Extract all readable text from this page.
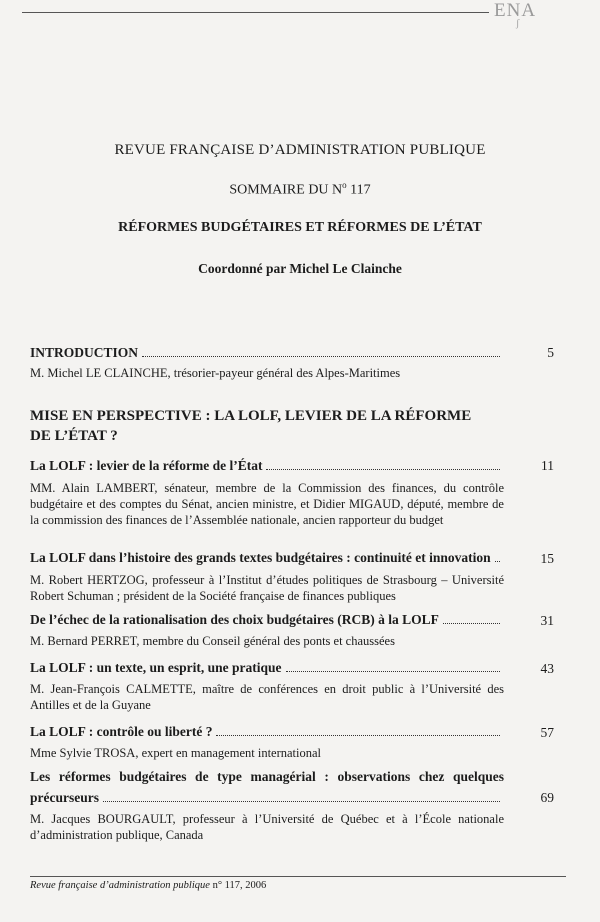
ENA
ʃ
REVUE FRANÇAISE D’ADMINISTRATION PUBLIQUE
SOMMAIRE DU $N^o$ 117
RÉFORMES BUDGÉTAIRES ET RÉFORMES DE L’ÉTAT
Coordonné par Michel Le Clainche
INTRODUCTION	5
M. Michel LE CLAINCHE, trésorier-payeur général des Alpes-Maritimes
MISE EN PERSPECTIVE : LA LOLF, LEVIER DE LA RÉFORME
DE L’ÉTAT ?
La LOLF : levier de la réforme de l’État	11
MM. Alain LAMBERT, sénateur, membre de la Commission des finances, du contrôle budgétaire et des comptes du Sénat, ancien ministre, et Didier MIGAUD, député, membre de la commission des finances de l’Assemblée nationale, ancien rapporteur du budget
La LOLF dans l’histoire des grands textes budgétaires : continuité et innovation	15
M. Robert HERTZOG, professeur à l’Institut d’études politiques de Strasbourg – Université Robert Schuman ; président de la Société française de finances publiques
De l’échec de la rationalisation des choix budgétaires (RCB) à la LOLF	31
M. Bernard PERRET, membre du Conseil général des ponts et chaussées
La LOLF : un texte, un esprit, une pratique	43
M. Jean-François CALMETTE, maître de conférences en droit public à l’Université des Antilles et de la Guyane
La LOLF : contrôle ou liberté ?	57
Mme Sylvie TROSA, expert en management international
Les réformes budgétaires de type managérial : observations chez quelques
précurseurs	69
M. Jacques BOURGAULT, professeur à l’Université de Québec et à l’École nationale d’administration publique, Canada
Revue française d’administration publique n° 117, 2006
